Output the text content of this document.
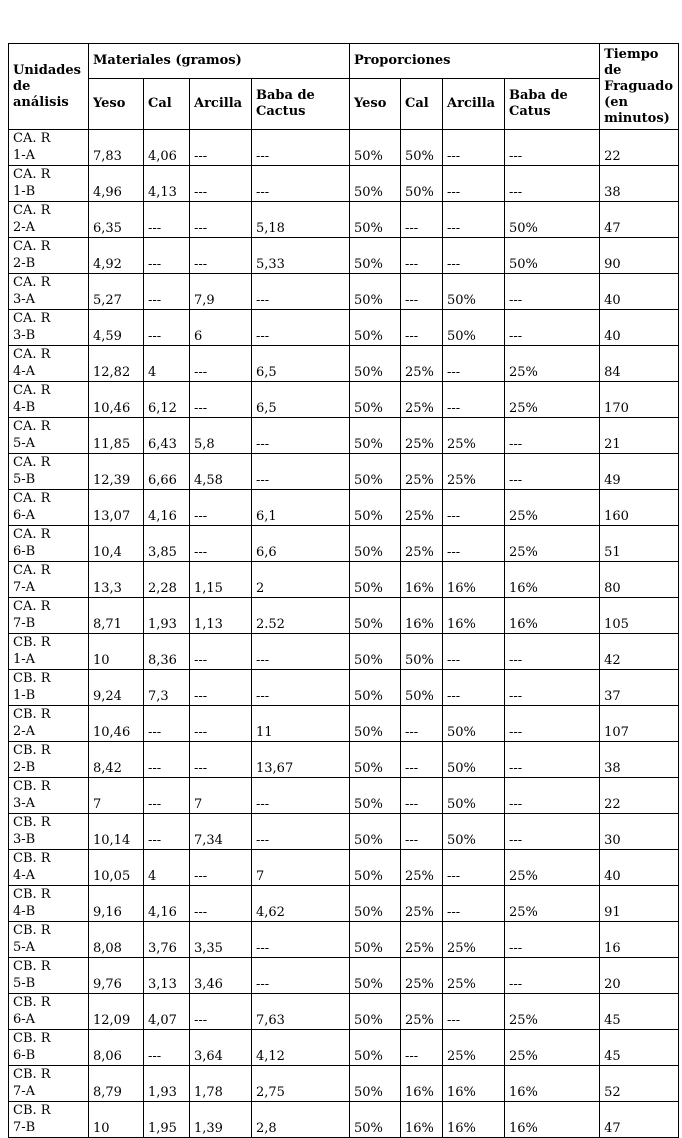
Unidades de análisis	Materiales (gramos)				Proporciones				Tiempo de Fraguado (en minutos)
	Yeso	Cal	Arcilla	Baba de Cactus	Yeso	Cal	Arcilla	Baba de Catus	
CA. R
1-A	7,83	4,06	---	---	50%	50%	---	---	22
CA. R
1-B	4,96	4,13	---	---	50%	50%	---	---	38
CA. R
2-A	6,35	---	---	5,18	50%	---	---	50%	47
CA. R
2-B	4,92	---	---	5,33	50%	---	---	50%	90
CA. R
3-A	5,27	---	7,9	---	50%	---	50%	---	40
CA. R
3-B	4,59	---	6	---	50%	---	50%	---	40
CA. R
4-A	12,82	4	---	6,5	50%	25%	---	25%	84
CA. R
4-B	10,46	6,12	---	6,5	50%	25%	---	25%	170
CA. R
5-A	11,85	6,43	5,8	---	50%	25%	25%	---	21
CA. R
5-B	12,39	6,66	4,58	---	50%	25%	25%	---	49
CA. R
6-A	13,07	4,16	---	6,1	50%	25%	---	25%	160
CA. R
6-B	10,4	3,85	---	6,6	50%	25%	---	25%	51
CA. R
7-A	13,3	2,28	1,15	2	50%	16%	16%	16%	80
CA. R
7-B	8,71	1,93	1,13	2.52	50%	16%	16%	16%	105
CB. R
1-A	10	8,36	---	---	50%	50%	---	---	42
CB. R
1-B	9,24	7,3	---	---	50%	50%	---	---	37
CB. R
2-A	10,46	---	---	11	50%	---	50%	---	107
CB. R
2-B	8,42	---	---	13,67	50%	---	50%	---	38
CB. R
3-A	7	---	7	---	50%	---	50%	---	22
CB. R
3-B	10,14	---	7,34	---	50%	---	50%	---	30
CB. R
4-A	10,05	4	---	7	50%	25%	---	25%	40
CB. R
4-B	9,16	4,16	---	4,62	50%	25%	---	25%	91
CB. R
5-A	8,08	3,76	3,35	---	50%	25%	25%	---	16
CB. R
5-B	9,76	3,13	3,46	---	50%	25%	25%	---	20
CB. R
6-A	12,09	4,07	---	7,63	50%	25%	---	25%	45
CB. R
6-B	8,06	---	3,64	4,12	50%	---	25%	25%	45
CB. R
7-A	8,79	1,93	1,78	2,75	50%	16%	16%	16%	52
CB. R
7-B	10	1,95	1,39	2,8	50%	16%	16%	16%	47
